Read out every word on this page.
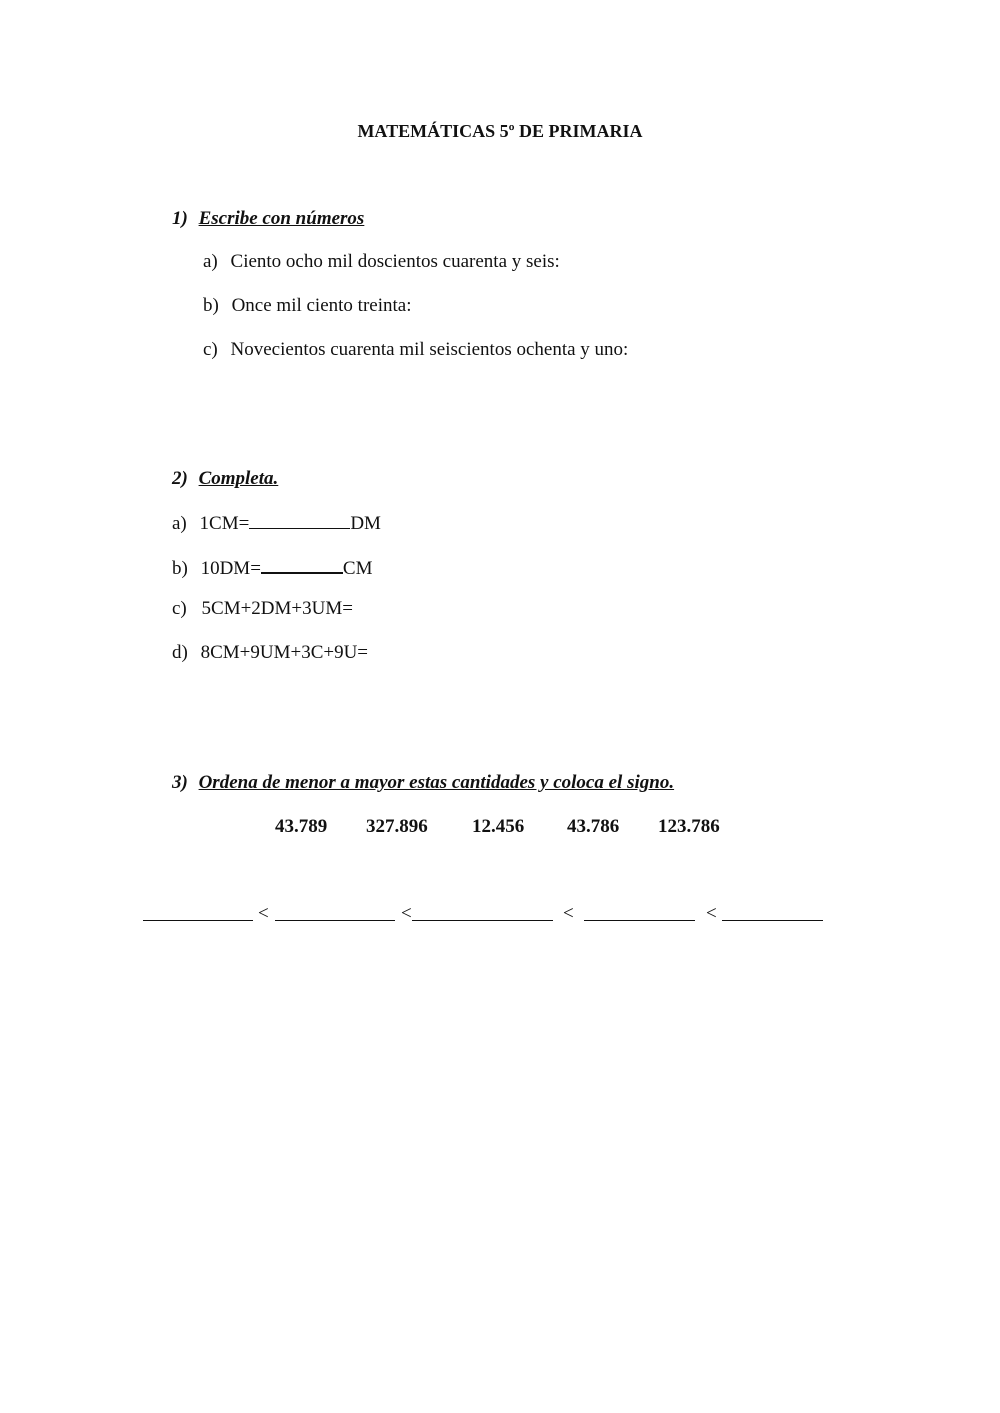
MATEMÁTICAS 5º DE PRIMARIA
1) Escribe con números
a) Ciento ocho mil doscientos cuarenta y seis:
b) Once mil ciento treinta:
c) Novecientos cuarenta mil seiscientos ochenta y uno:
2) Completa.
a) 1CM=	DM
b) 10DM=	CM
c) 5CM+2DM+3UM=
d) 8CM+9UM+3C+9U=
3) Ordena de menor a mayor estas cantidades y coloca el signo.
43.789 327.896 12.456 43.786 123.786
<	<	<	<
